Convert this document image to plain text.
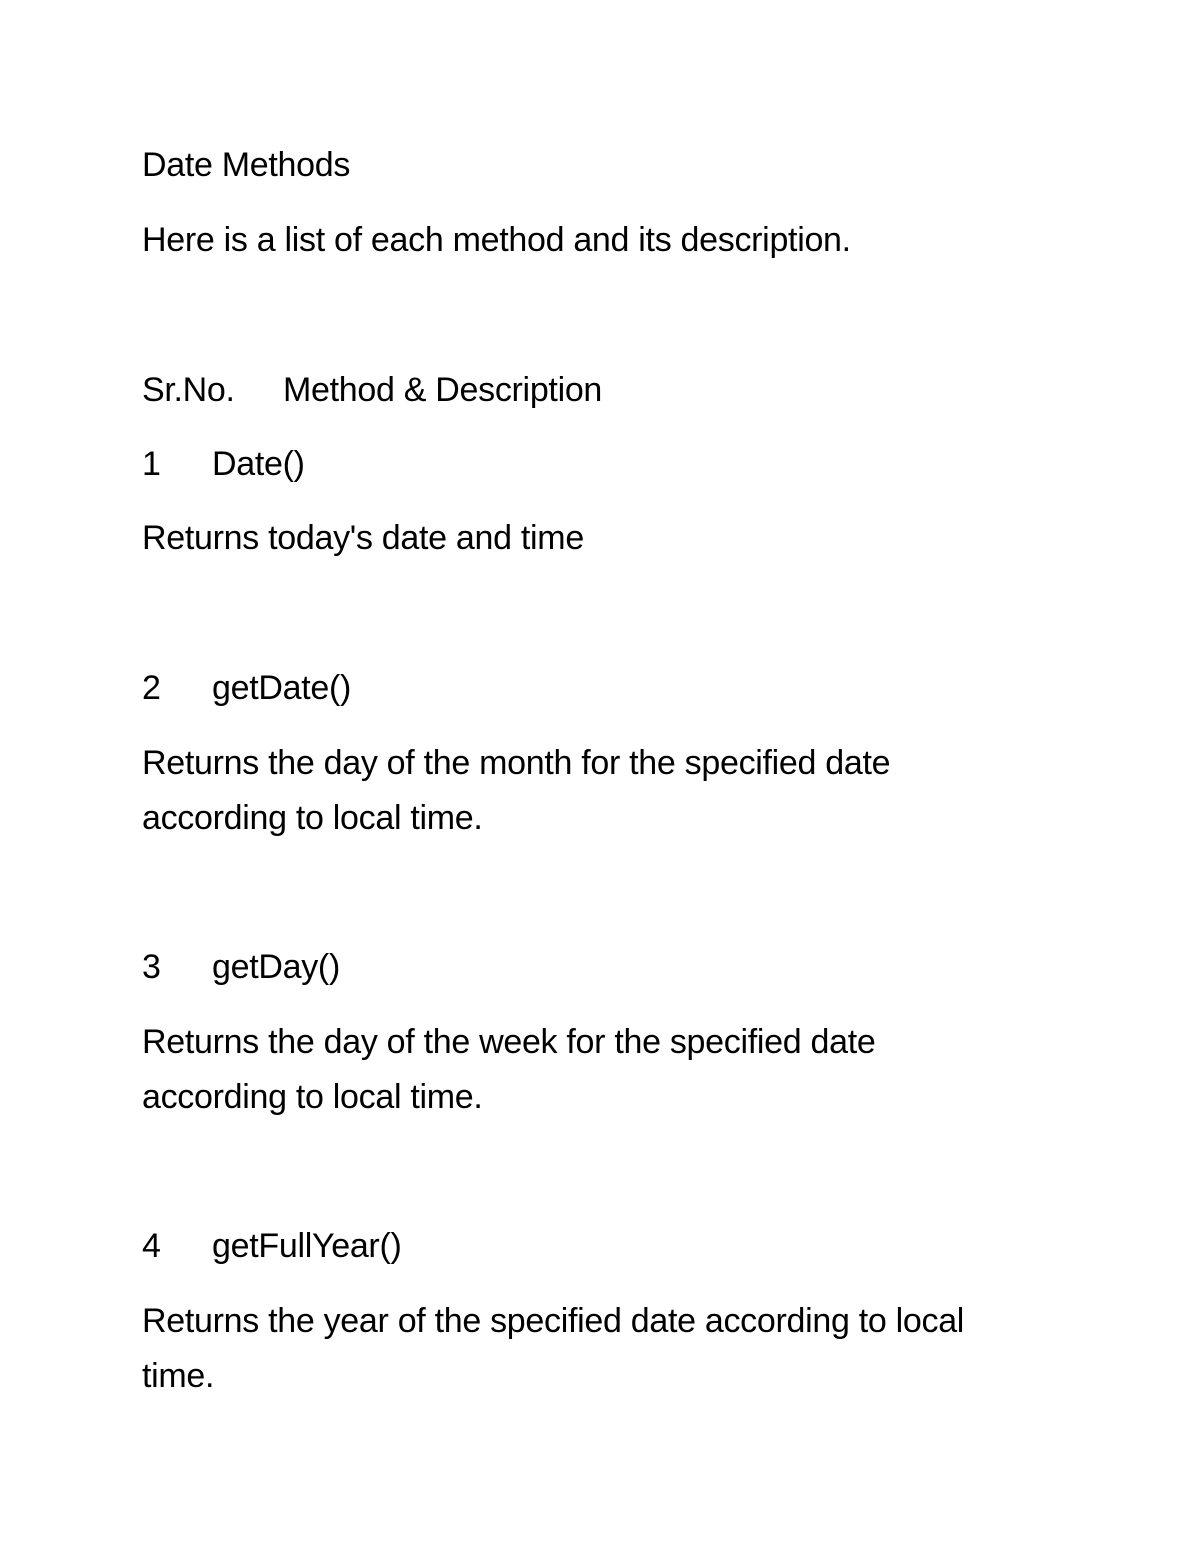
Date Methods

Here is a list of each method and its description.

Sr.No. Method & Description

1 Date()

Returns today's date and time

2 getDate()

Returns the day of the month for the specified date

according to local time.

3 getDay()

Returns the day of the week for the specified date

according to local time.

4 getFullYear()

Returns the year of the specified date according to local

time.
